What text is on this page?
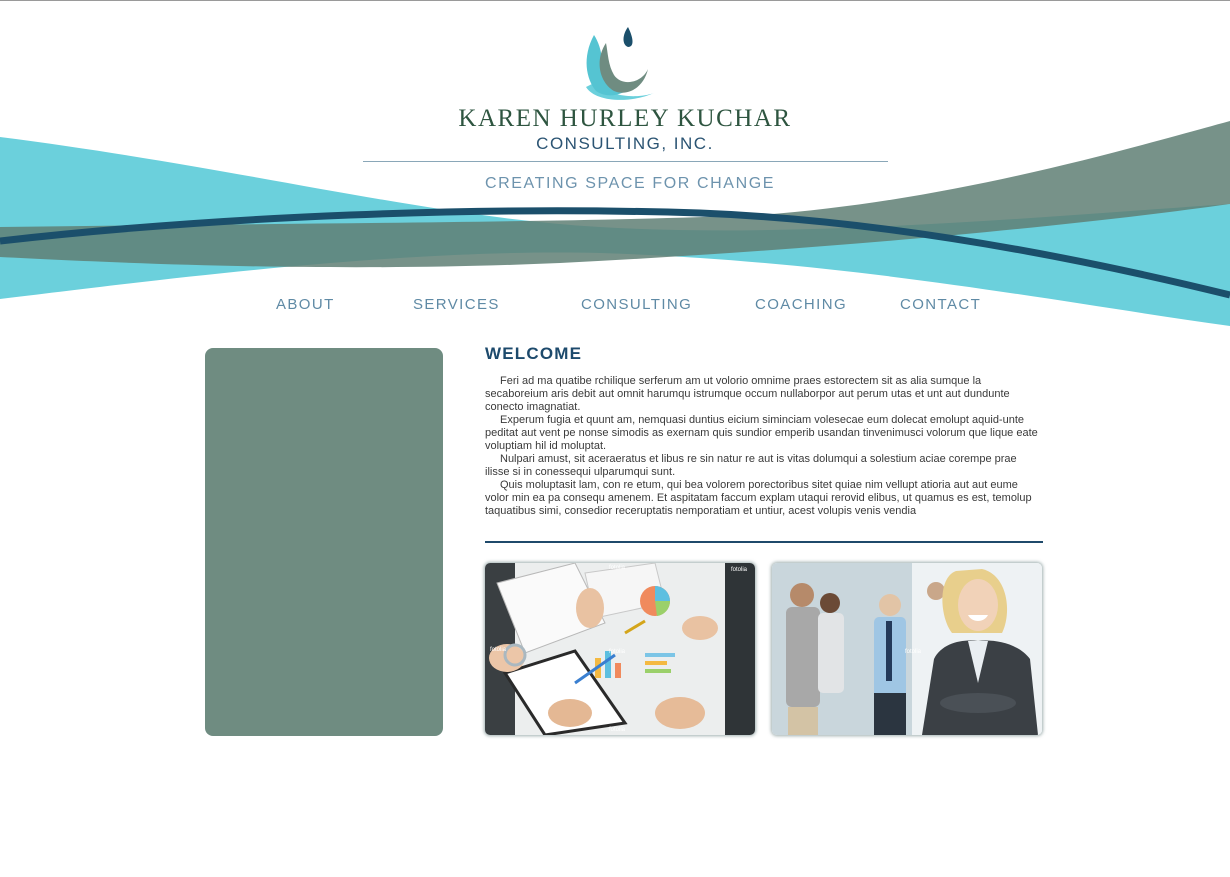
KAREN HURLEY KUCHAR
CONSULTING, INC.
CREATING SPACE FOR CHANGE
ABOUT	SERVICES	CONSULTING	COACHING	CONTACT
WELCOME

Feri ad ma quatibe rchilique serferum am ut volorio omnime praes estorectem sit as alia sumque la secaboreium aris debit aut omnit harumqu istrumque occum nullaborpor aut perum utas et unt aut dundunte conecto imagnatiat.

Experum fugia et quunt am, nemquasi duntius eicium siminciam volesecae eum dolecat emolupt aquid-unte peditat aut vent pe nonse simodis as exernam quis sundior emperib usandan tinvenimusci volorum que lique eate voluptiam hil id moluptat.

Nulpari amust, sit aceraeratus et libus re sin natur re aut is vitas dolumqui a solestium aciae corempe prae ilisse si in conessequi ulparumqui sunt.

Quis moluptasit lam, con re etum, qui bea volorem porectoribus sitet quiae nim vellupt atioria aut aut eume volor min ea pa consequ amenem. Et aspitatam faccum explam utaqui rerovid elibus, ut quamus es est, temolup taquatibus simi, consedior receruptatis nemporatiam et untiur, acest volupis venis vendia

fotolia	fotolia
fotolia	fotolia
fotolia
fotolia
